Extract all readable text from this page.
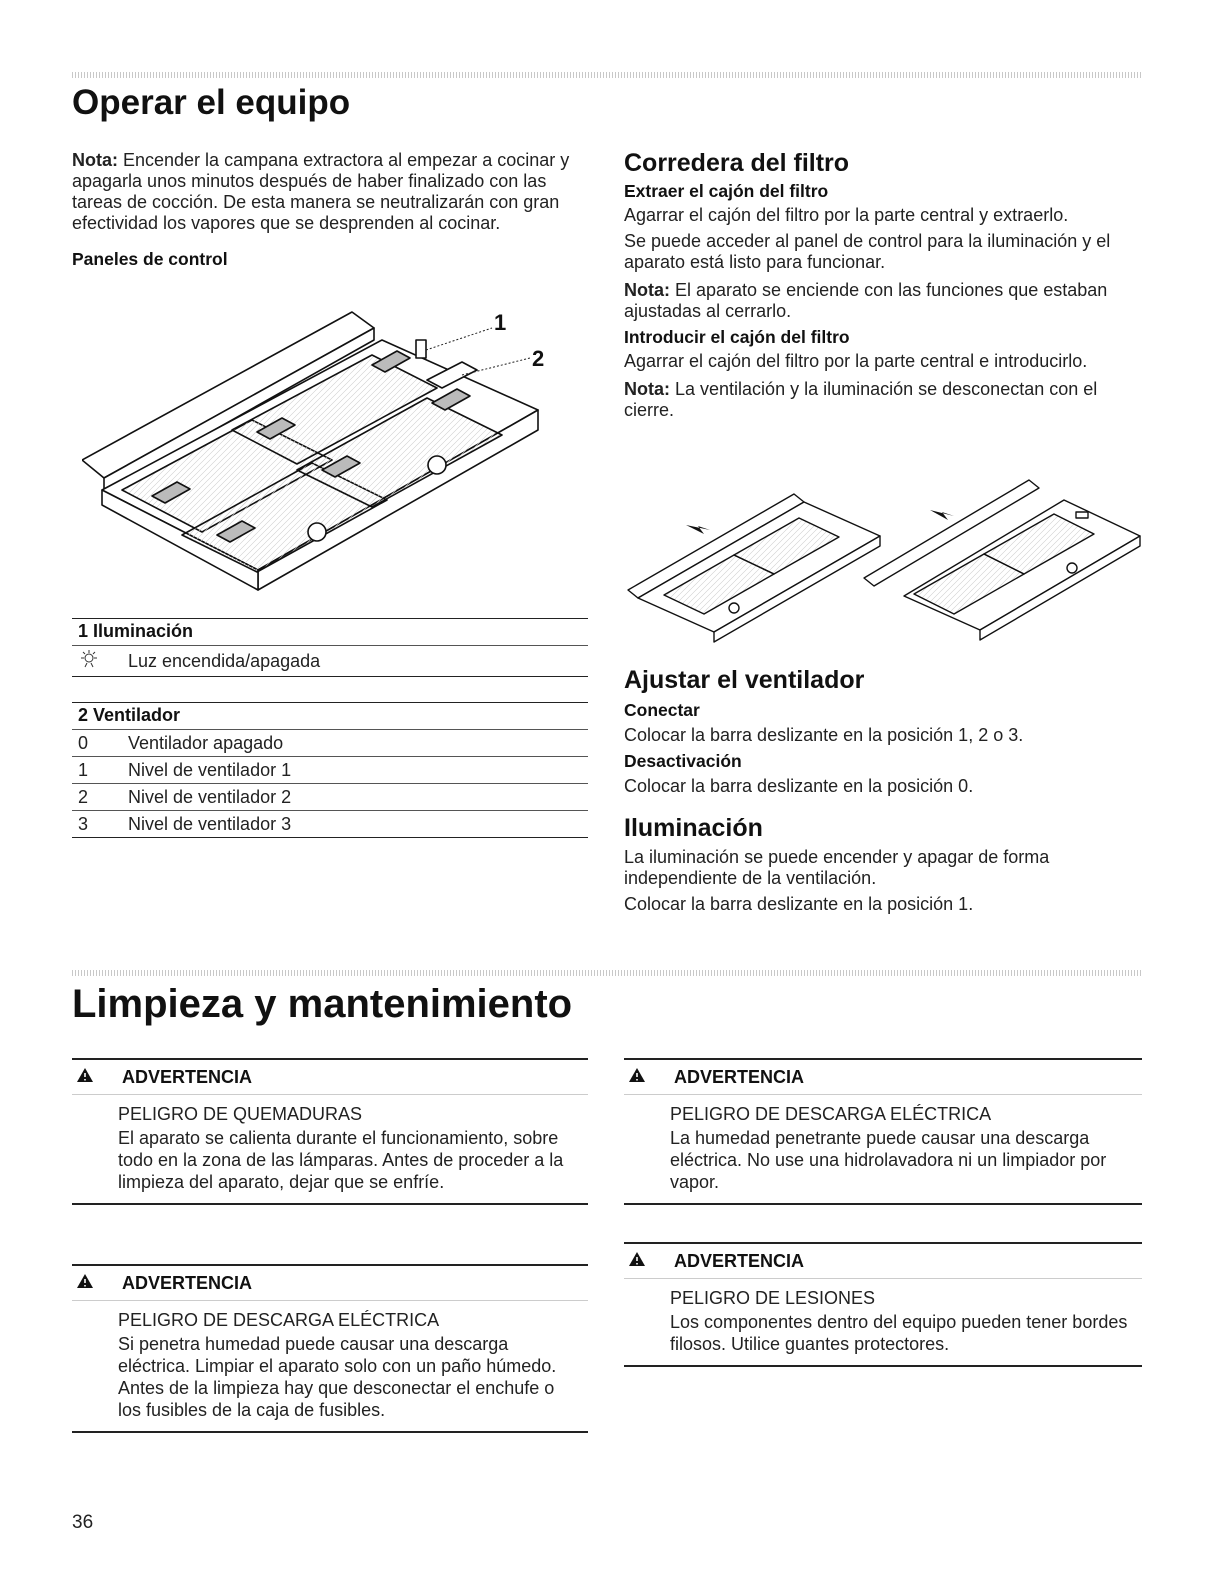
Operar el equipo

Nota: Encender la campana extractora al empezar a cocinar y apagarla unos minutos después de haber finalizado con las tareas de cocción. De esta manera se neutralizarán con gran efectividad los vapores que se desprenden al cocinar.

Paneles de control

1
2
1 Iluminación
Luz encendida/apagada
2 Ventilador
0	Ventilador apagado
1	Nivel de ventilador 1
2	Nivel de ventilador 2
3	Nivel de ventilador 3

Corredera del filtro

Extraer el cajón del filtro

Agarrar el cajón del filtro por la parte central y extraerlo.

Se puede acceder al panel de control para la iluminación y el aparato está listo para funcionar.

Nota: El aparato se enciende con las funciones que estaban ajustadas al cerrarlo.

Introducir el cajón del filtro

Agarrar el cajón del filtro por la parte central e introducirlo.

Nota: La ventilación y la iluminación se desconectan con el cierre.

Ajustar el ventilador

Conectar

Colocar la barra deslizante en la posición 1, 2 o 3.

Desactivación

Colocar la barra deslizante en la posición 0.

Iluminación

La iluminación se puede encender y apagar de forma independiente de la ventilación.

Colocar la barra deslizante en la posición 1.

Limpieza y mantenimiento
ADVERTENCIA

PELIGRO DE QUEMADURAS

El aparato se calienta durante el funcionamiento, sobre todo en la zona de las lámparas. Antes de proceder a la limpieza del aparato, dejar que se enfríe.

ADVERTENCIA

PELIGRO DE DESCARGA ELÉCTRICA

Si penetra humedad puede causar una descarga eléctrica. Limpiar el aparato solo con un paño húmedo. Antes de la limpieza hay que desconectar el enchufe o los fusibles de la caja de fusibles.

ADVERTENCIA

PELIGRO DE DESCARGA ELÉCTRICA

La humedad penetrante puede causar una descarga eléctrica. No use una hidrolavadora ni un limpiador por vapor.

ADVERTENCIA

PELIGRO DE LESIONES

Los componentes dentro del equipo pueden tener bordes filosos. Utilice guantes protectores.

36
